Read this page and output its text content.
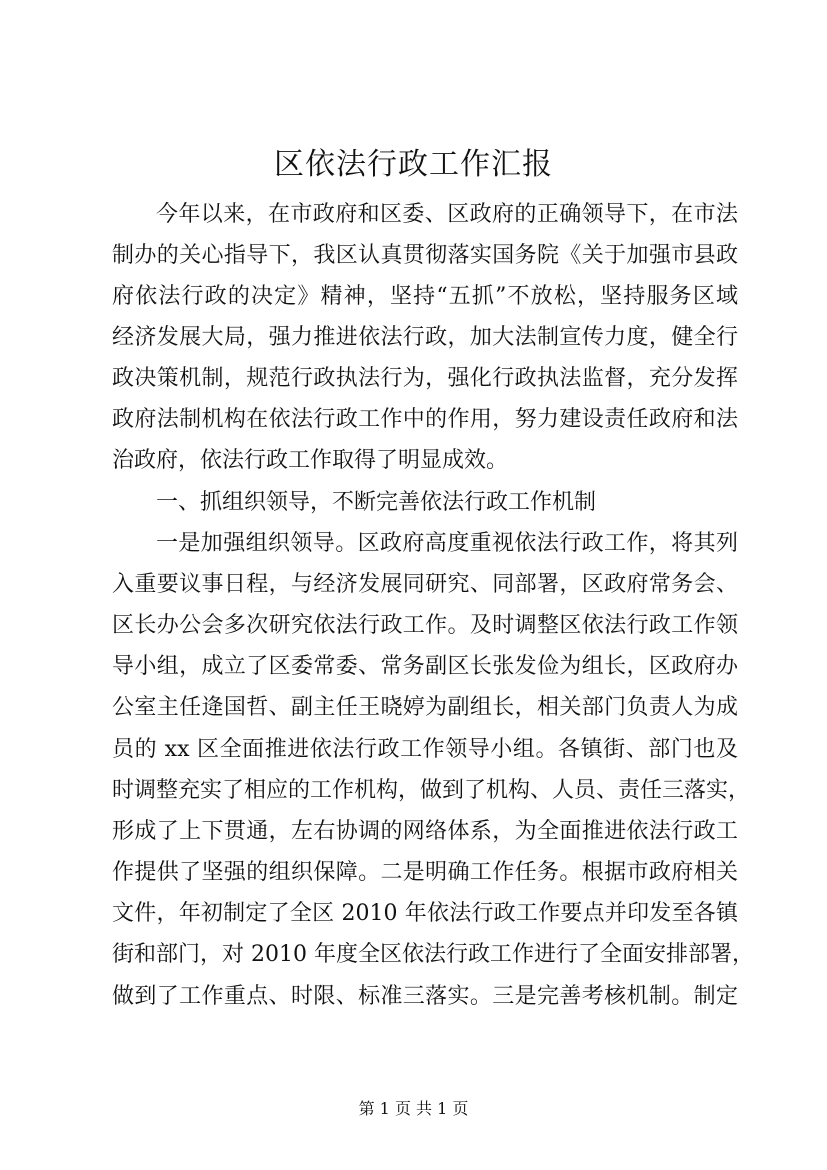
区依法行政工作汇报
今年以来，在市政府和区委、区政府的正确领导下，在市法
制办的关心指导下，我区认真贯彻落实国务院《关于加强市县政
府依法行政的决定》精神，坚持“五抓”不放松，坚持服务区域
经济发展大局，强力推进依法行政，加大法制宣传力度，健全行
政决策机制，规范行政执法行为，强化行政执法监督，充分发挥
政府法制机构在依法行政工作中的作用，努力建设责任政府和法
治政府，依法行政工作取得了明显成效。
一、抓组织领导，不断完善依法行政工作机制
一是加强组织领导。区政府高度重视依法行政工作，将其列
入重要议事日程，与经济发展同研究、同部署，区政府常务会、
区长办公会多次研究依法行政工作。及时调整区依法行政工作领
导小组，成立了区委常委、常务副区长张发俭为组长，区政府办
公室主任逄国哲、副主任王晓婷为副组长，相关部门负责人为成
员的 xx 区全面推进依法行政工作领导小组。各镇街、部门也及
时调整充实了相应的工作机构，做到了机构、人员、责任三落实，
形成了上下贯通，左右协调的网络体系，为全面推进依法行政工
作提供了坚强的组织保障。二是明确工作任务。根据市政府相关
文件，年初制定了全区 2010 年依法行政工作要点并印发至各镇
街和部门，对 2010 年度全区依法行政工作进行了全面安排部署，
做到了工作重点、时限、标准三落实。三是完善考核机制。制定
第 1 页 共 1 页
